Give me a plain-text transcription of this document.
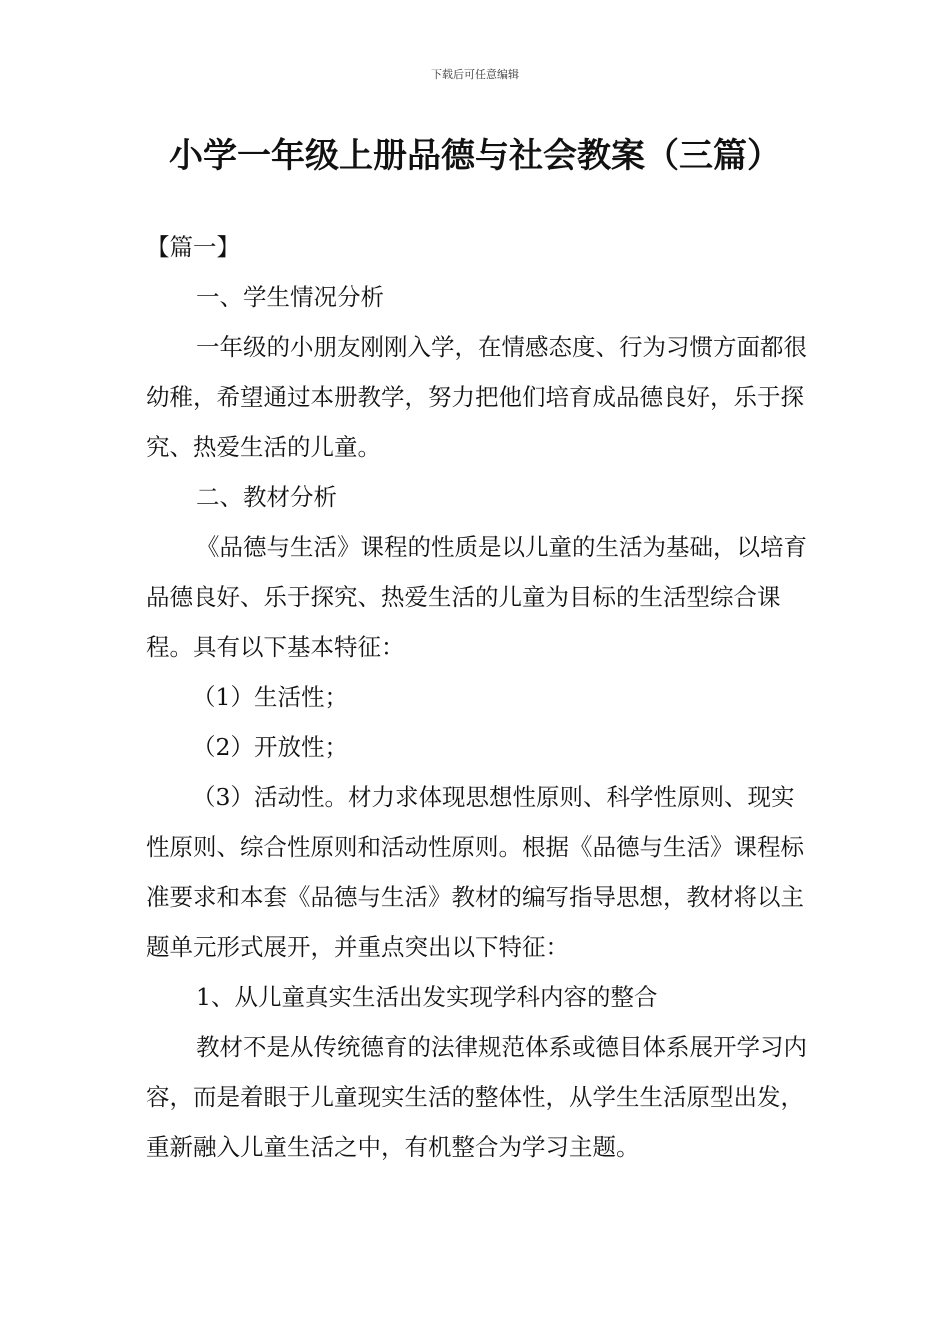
下载后可任意编辑
小学一年级上册品德与社会教案（三篇）

【篇一】

一、学生情况分析

一年级的小朋友刚刚入学，在情感态度、行为习惯方面都很幼稚，希望通过本册教学，努力把他们培育成品德良好，乐于探究、热爱生活的儿童。

二、教材分析

《品德与生活》课程的性质是以儿童的生活为基础，以培育品德良好、乐于探究、热爱生活的儿童为目标的生活型综合课程。具有以下基本特征：

（1）生活性；

（2）开放性；

（3）活动性。材力求体现思想性原则、科学性原则、现实性原则、综合性原则和活动性原则。根据《品德与生活》课程标准要求和本套《品德与生活》教材的编写指导思想，教材将以主题单元形式展开，并重点突出以下特征：

1、从儿童真实生活出发实现学科内容的整合

教材不是从传统德育的法律规范体系或德目体系展开学习内容，而是着眼于儿童现实生活的整体性，从学生生活原型出发，重新融入儿童生活之中，有机整合为学习主题。
